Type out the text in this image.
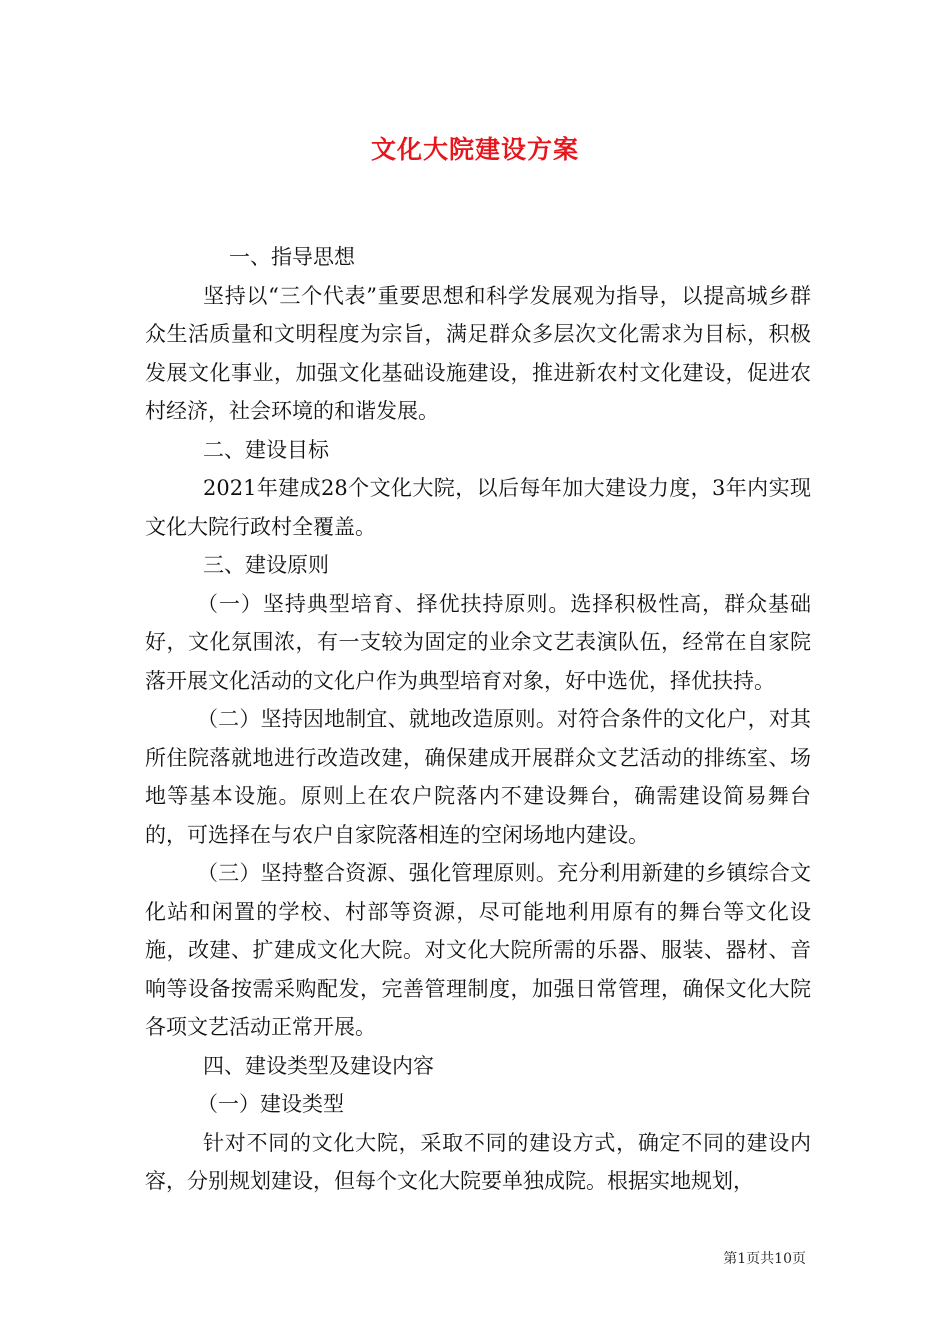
文化大院建设方案

一、指导思想

坚持以“三个代表”重要思想和科学发展观为指导，以提高城乡群众生活质量和文明程度为宗旨，满足群众多层次文化需求为目标，积极发展文化事业，加强文化基础设施建设，推进新农村文化建设，促进农村经济，社会环境的和谐发展。

二、建设目标

2021年建成28个文化大院，以后每年加大建设力度，3年内实现文化大院行政村全覆盖。

三、建设原则

（一）坚持典型培育、择优扶持原则。选择积极性高，群众基础好，文化氛围浓，有一支较为固定的业余文艺表演队伍，经常在自家院落开展文化活动的文化户作为典型培育对象，好中选优，择优扶持。

（二）坚持因地制宜、就地改造原则。对符合条件的文化户，对其所住院落就地进行改造改建，确保建成开展群众文艺活动的排练室、场地等基本设施。原则上在农户院落内不建设舞台，确需建设简易舞台的，可选择在与农户自家院落相连的空闲场地内建设。

（三）坚持整合资源、强化管理原则。充分利用新建的乡镇综合文化站和闲置的学校、村部等资源，尽可能地利用原有的舞台等文化设施，改建、扩建成文化大院。对文化大院所需的乐器、服装、器材、音响等设备按需采购配发，完善管理制度，加强日常管理，确保文化大院各项文艺活动正常开展。

四、建设类型及建设内容

（一）建设类型

针对不同的文化大院，采取不同的建设方式，确定不同的建设内容，分别规划建设，但每个文化大院要单独成院。根据实地规划，

第1页共10页
